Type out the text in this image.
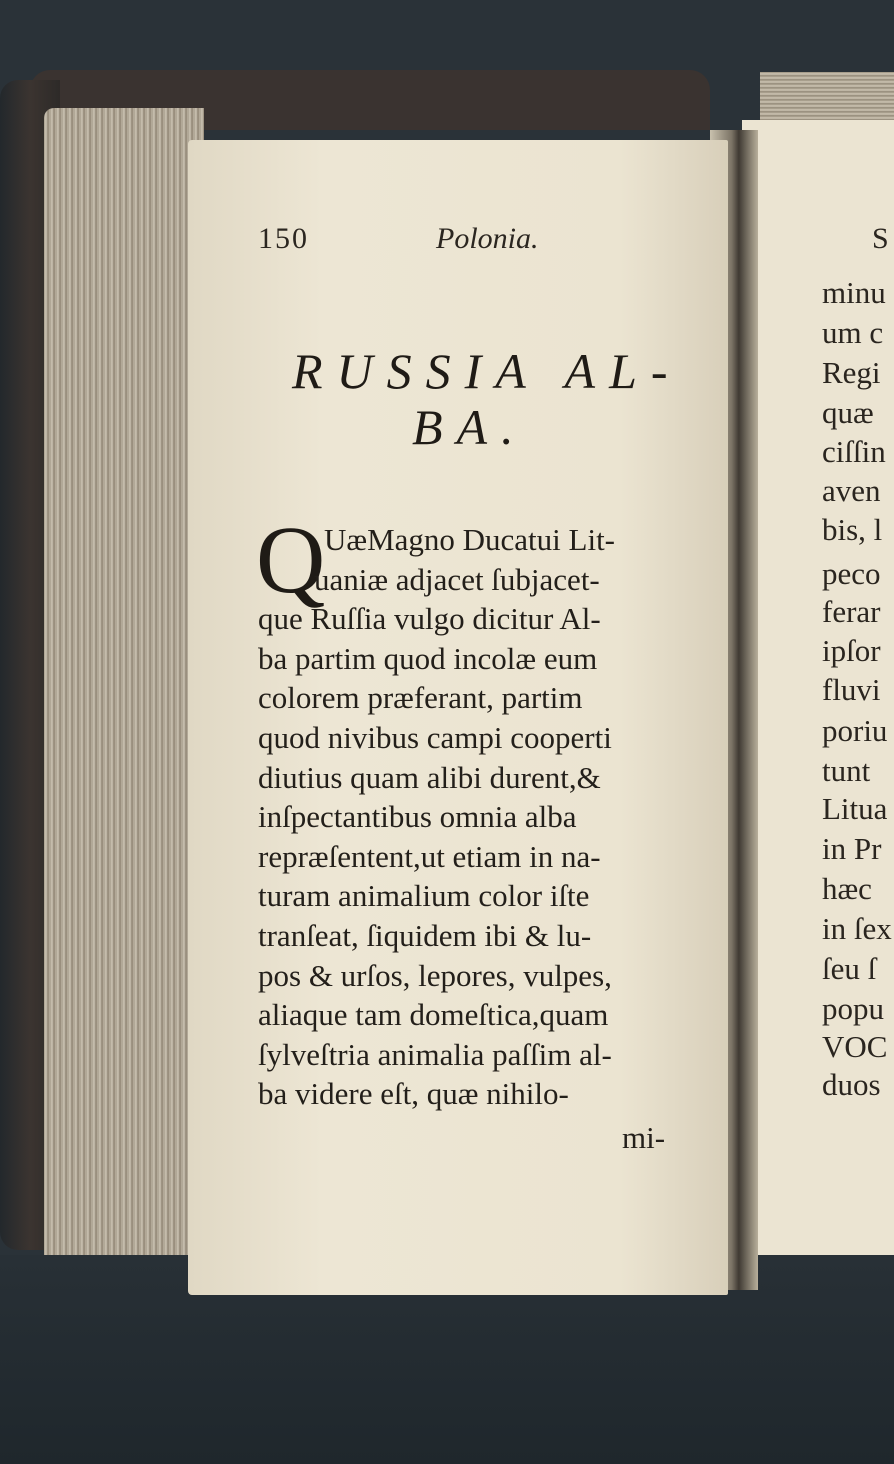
150	Polonia.
RUSSIA AL-
BA.
Q
UæMagno Ducatui Lit-
uaniæ adjacet ſubjacet-
que Ruſſia vulgo dicitur Al-
ba partim quod incolæ eum
colorem præferant, partim
quod nivibus campi cooperti
diutius quam alibi durent,&
inſpectantibus omnia alba
repræſentent,ut etiam in na-
turam animalium color iſte
tranſeat, ſiquidem ibi & lu-
pos & urſos, lepores, vulpes,
aliaque tam domeſtica,quam
ſylveſtria animalia paſſim al-
ba videre eſt, quæ nihilo-
mi-
S
minu
um c
Regi
quæ
ciſſin
aven
bis, l
peco
ferar
ipſor
fluvi
poriu
tunt
Litua
in Pr
hæc
in ſex
ſeu ſ
popu
VOC
duos
